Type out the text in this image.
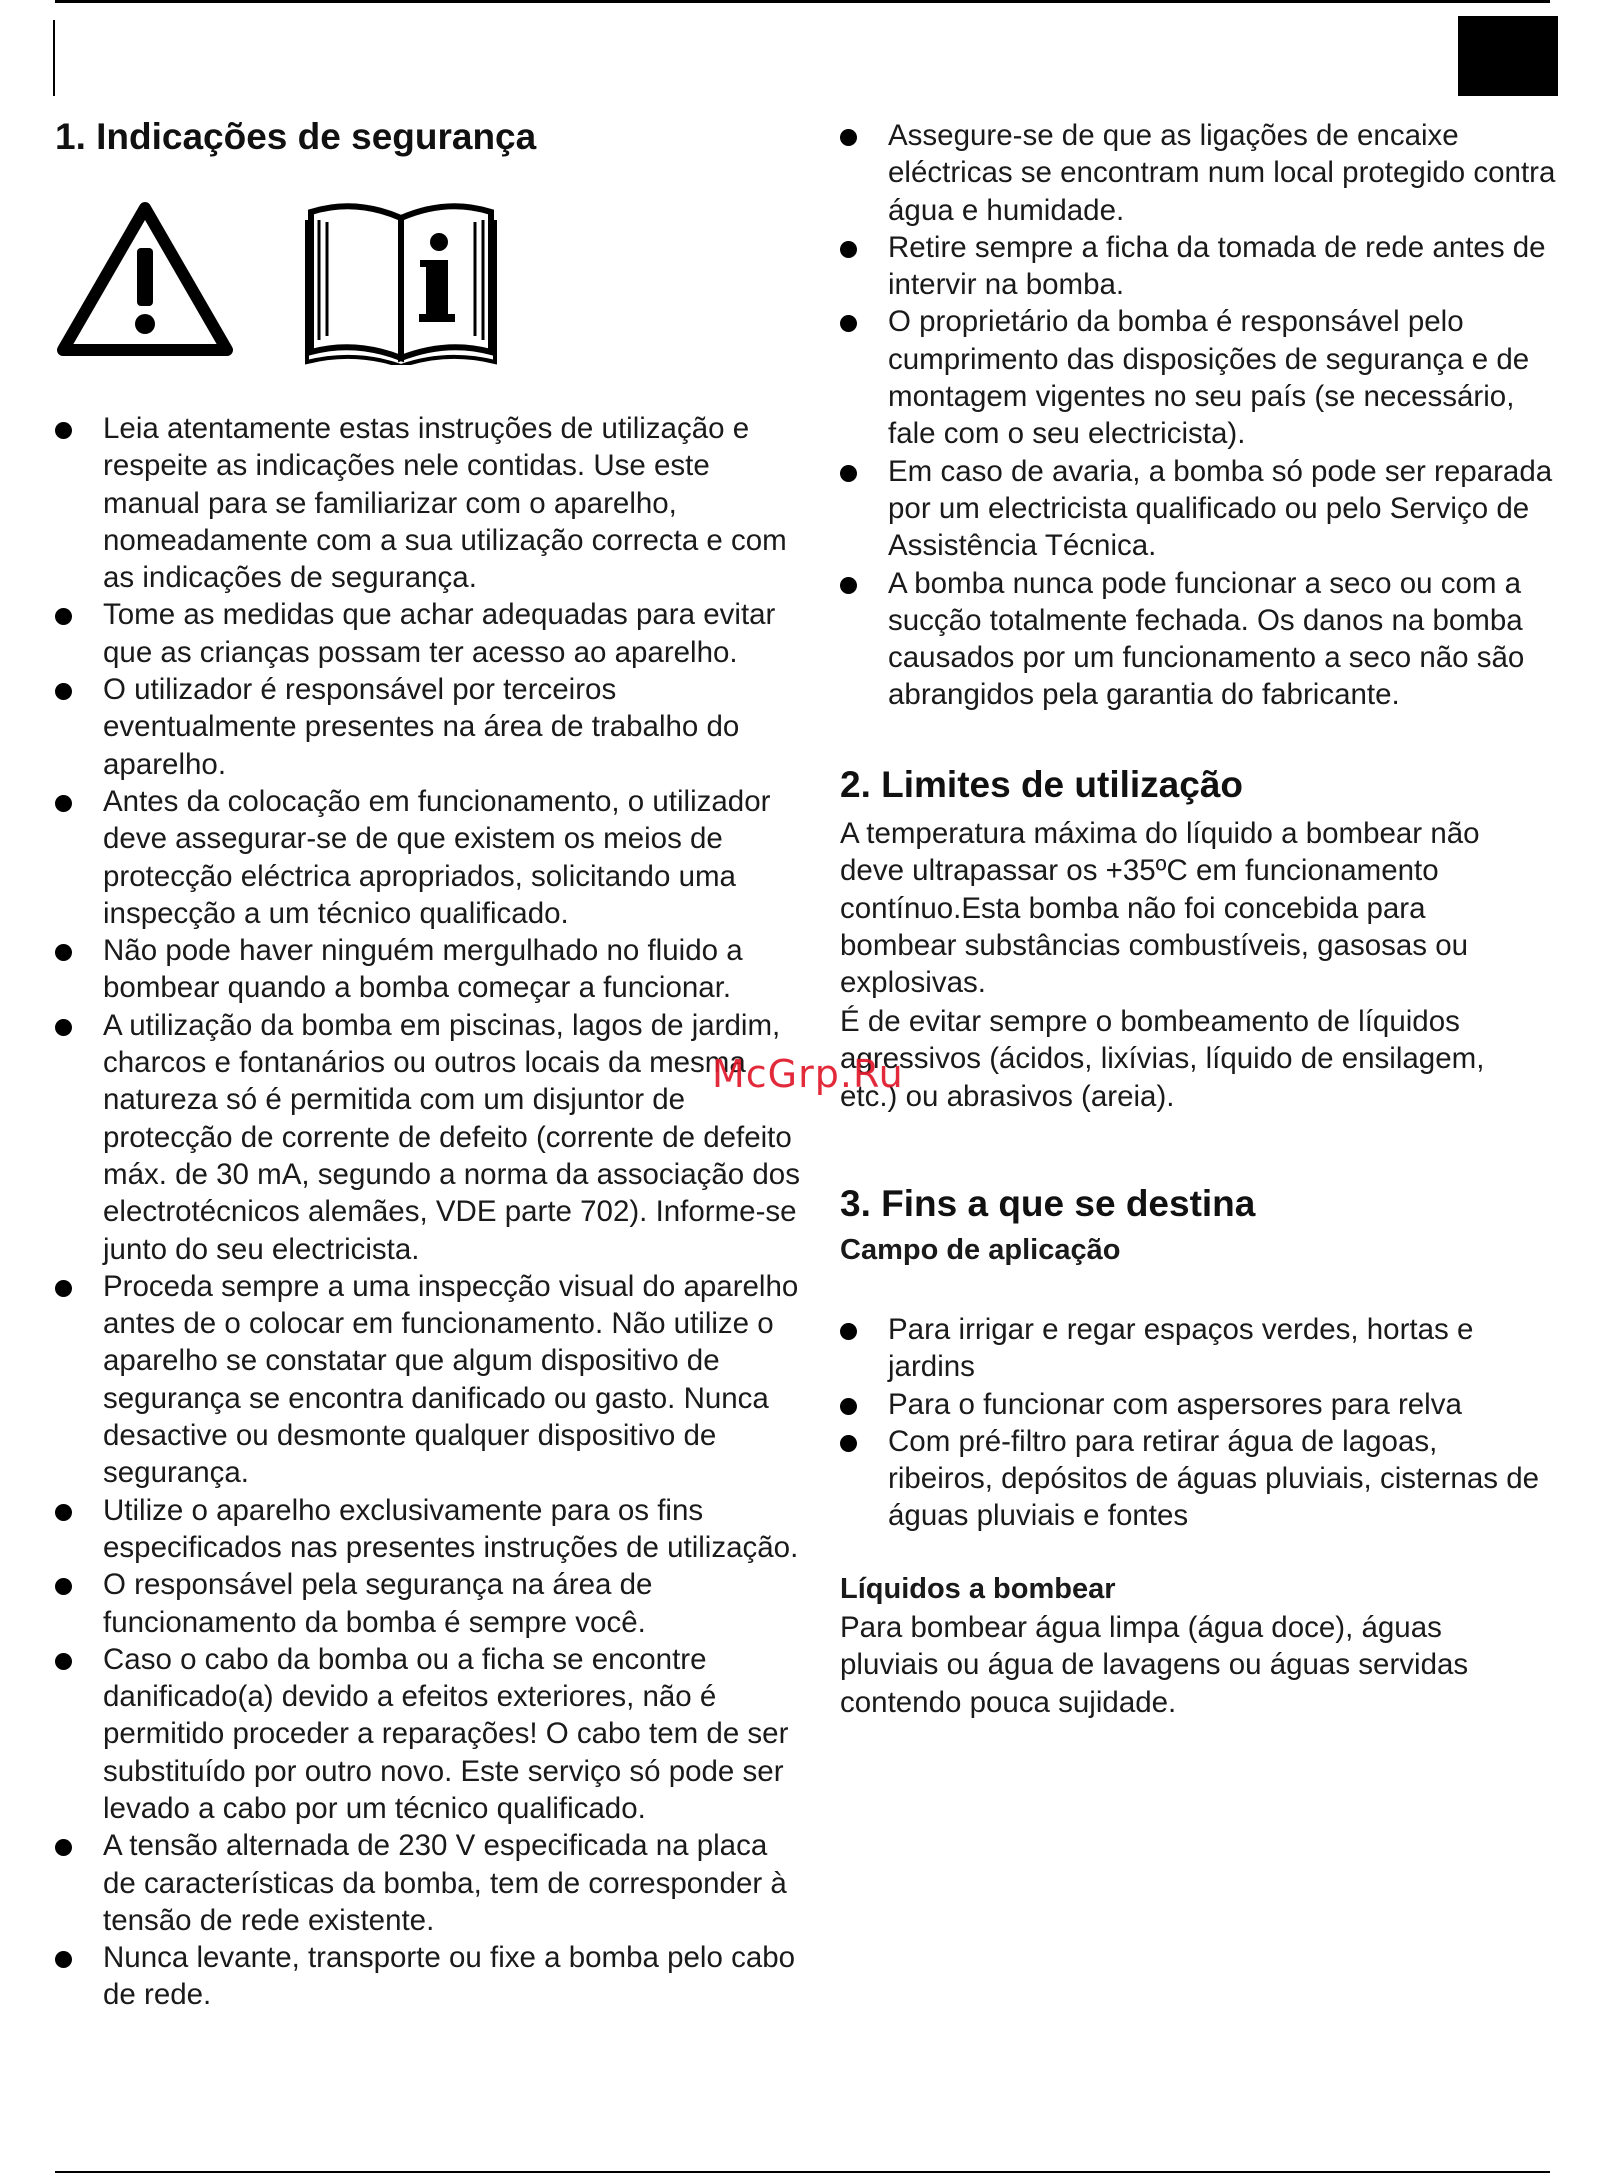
1. Indicações de segurança
Leia atentamente estas instruções de utilização e respeite as indicações nele contidas. Use este manual para se familiarizar com o aparelho, nomeadamente com a sua utilização correcta e com as indicações de segurança.
Tome as medidas que achar adequadas para evitar que as crianças possam ter acesso ao aparelho.
O utilizador é responsável por terceiros eventualmente presentes na área de trabalho do aparelho.
Antes da colocação em funcionamento, o utilizador deve assegurar-se de que existem os meios de protecção eléctrica apropriados, solicitando uma inspecção a um técnico qualificado.
Não pode haver ninguém mergulhado no fluido a bombear quando a bomba começar a funcionar.
A utilização da bomba em piscinas, lagos de jardim, charcos e fontanários ou outros locais da mesma natureza só é permitida com um disjuntor de protecção de corrente de defeito (corrente de defeito máx. de 30 mA, segundo a norma da associação dos electrotécnicos alemães, VDE parte 702). Informe-se junto do seu electricista.
Proceda sempre a uma inspecção visual do aparelho antes de o colocar em funcionamento. Não utilize o aparelho se constatar que algum dispositivo de segurança se encontra danificado ou gasto. Nunca desactive ou desmonte qualquer dispositivo de segurança.
Utilize o aparelho exclusivamente para os fins especificados nas presentes instruções de utilização.
O responsável pela segurança na área de funcionamento da bomba é sempre você.
Caso o cabo da bomba ou a ficha se encontre danificado(a) devido a efeitos exteriores, não é permitido proceder a reparações! O cabo tem de ser substituído por outro novo. Este serviço só pode ser levado a cabo por um técnico qualificado.
A tensão alternada de 230 V especificada na placa de características da bomba, tem de corresponder à tensão de rede existente.
Nunca levante, transporte ou fixe a bomba pelo cabo de rede.
Assegure-se de que as ligações de encaixe eléctricas se encontram num local protegido contra água e humidade.
Retire sempre a ficha da tomada de rede antes de intervir na bomba.
O proprietário da bomba é responsável pelo cumprimento das disposições de segurança e de montagem vigentes no seu país (se necessário, fale com o seu electricista).
Em caso de avaria, a bomba só pode ser reparada por um electricista qualificado ou pelo Serviço de Assistência Técnica.
A bomba nunca pode funcionar a seco ou com a sucção totalmente fechada. Os danos na bomba causados por um funcionamento a seco não são abrangidos pela garantia do fabricante.
2. Limites de utilização

A temperatura máxima do líquido a bombear não deve ultrapassar os +35ºC em funcionamento contínuo.Esta bomba não foi concebida para bombear substâncias combustíveis, gasosas ou explosivas.

É de evitar sempre o bombeamento de líquidos agressivos (ácidos, lixívias, líquido de ensilagem, etc.) ou abrasivos (areia).

3. Fins a que se destina
Campo de aplicação
Para irrigar e regar espaços verdes, hortas e jardins
Para o funcionar com aspersores para relva
Com pré-filtro para retirar água de lagoas, ribeiros, depósitos de águas pluviais, cisternas de águas pluviais e fontes
Líquidos a bombear

Para bombear água limpa (água doce), águas pluviais ou água de lavagens ou águas servidas contendo pouca sujidade.

McGrp.Ru
